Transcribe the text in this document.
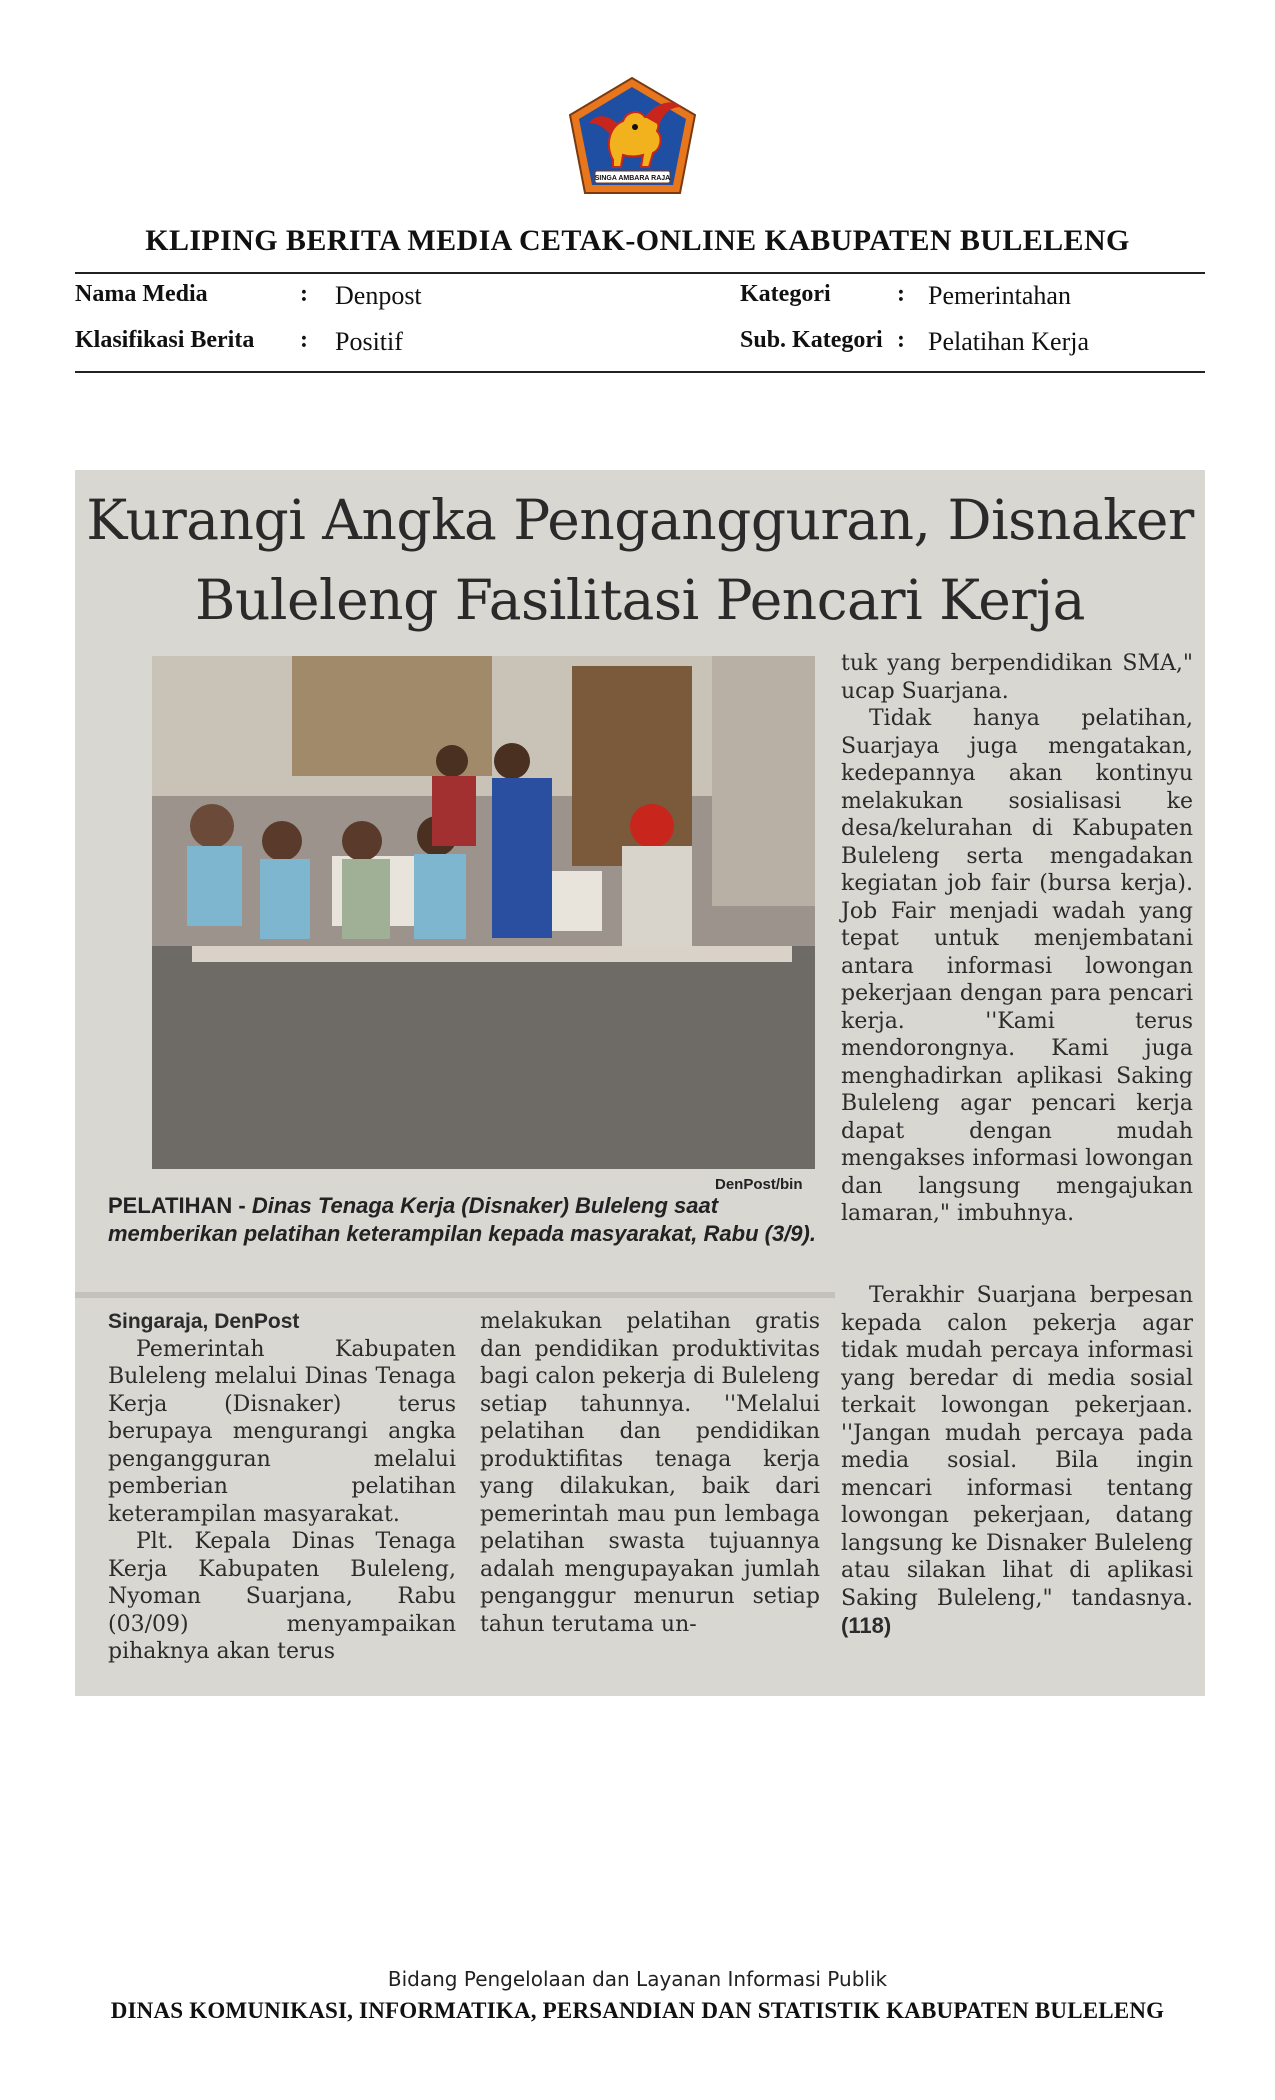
SINGA AMBARA RAJA
KLIPING BERITA MEDIA CETAK-ONLINE KABUPATEN BULELENG
Nama Media	: Denpost
Klasifikasi Berita : Positif
Kategori	: Pemerintahan
Sub. Kategori : Pelatihan Kerja
Kurangi Angka Pengangguran, Disnaker
Buleleng Fasilitasi Pencari Kerja
DenPost/bin
PELATIHAN - Dinas Tenaga Kerja (Disnaker) Buleleng saat memberikan pelatihan keterampilan kepada masyarakat, Rabu (3/9).

Singaraja, DenPost

Pemerintah Kabupaten Buleleng melalui Dinas Tenaga Kerja (Disnaker) terus berupaya mengurangi angka pengangguran melalui pemberian pelatihan keterampilan masyarakat.

Plt. Kepala Dinas Tenaga Kerja Kabupaten Buleleng, Nyoman Suarjana, Rabu (03/09) menyampaikan pihaknya akan terus

melakukan pelatihan gratis dan pendidikan produktivitas bagi calon pekerja di Buleleng setiap tahunnya. ''Melalui pelatihan dan pendidikan produktifitas tenaga kerja yang dilakukan, baik dari pemerintah mau pun lembaga pelatihan swasta tujuannya adalah mengupayakan jumlah penganggur menurun setiap tahun terutama un-

tuk yang berpendidikan SMA," ucap Suarjana.

Tidak hanya pelatihan, Suarjaya juga mengatakan, kedepannya akan kontinyu melakukan sosialisasi ke desa/kelurahan di Kabupaten Buleleng serta mengadakan kegiatan job fair (bursa kerja). Job Fair menjadi wadah yang tepat untuk menjembatani antara informasi lowongan pekerjaan dengan para pencari kerja. ''Kami terus mendorongnya. Kami juga menghadirkan aplikasi Saking Buleleng agar pencari kerja dapat dengan mudah mengakses informasi lowongan dan langsung mengajukan lamaran," imbuhnya.

Terakhir Suarjana berpesan kepada calon pekerja agar tidak mudah percaya informasi yang beredar di media sosial terkait lowongan pekerjaan. ''Jangan mudah percaya pada media sosial. Bila ingin mencari informasi tentang lowongan pekerjaan, datang langsung ke Disnaker Buleleng atau silakan lihat di aplikasi Saking Buleleng," tandasnya. (118)

Bidang Pengelolaan dan Layanan Informasi Publik
DINAS KOMUNIKASI, INFORMATIKA, PERSANDIAN DAN STATISTIK KABUPATEN BULELENG
